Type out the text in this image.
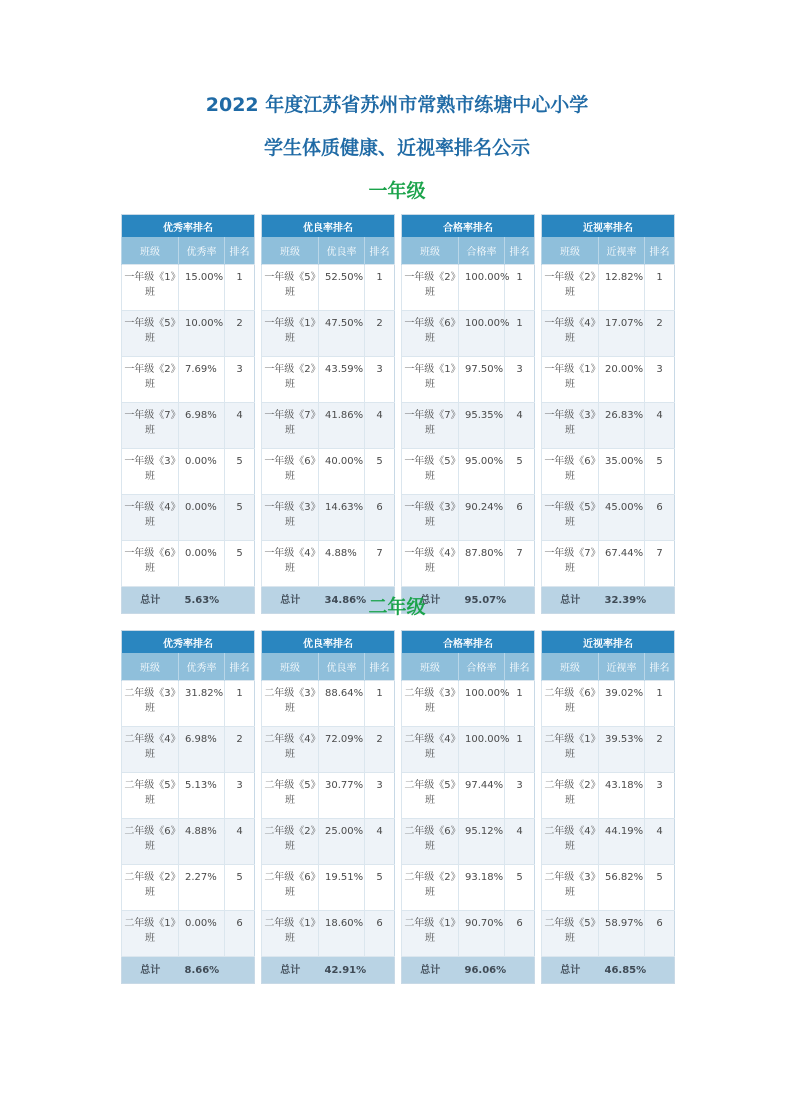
2022 年度江苏省苏州市常熟市练塘中心小学
学生体质健康、近视率排名公示
一年级
优秀率排名		
班级	优秀率	排名
一年级《1》班	15.00%	1
一年级《5》班	10.00%	2
一年级《2》班	7.69%	3
一年级《7》班	6.98%	4
一年级《3》班	0.00%	5
一年级《4》班	0.00%	5
一年级《6》班	0.00%	5
总计	5.63%	
优良率排名		
班级	优良率	排名
一年级《5》班	52.50%	1
一年级《1》班	47.50%	2
一年级《2》班	43.59%	3
一年级《7》班	41.86%	4
一年级《6》班	40.00%	5
一年级《3》班	14.63%	6
一年级《4》班	4.88%	7
总计	34.86%	
合格率排名		
班级	合格率	排名
一年级《2》班	100.00%	1
一年级《6》班	100.00%	1
一年级《1》班	97.50%	3
一年级《7》班	95.35%	4
一年级《5》班	95.00%	5
一年级《3》班	90.24%	6
一年级《4》班	87.80%	7
总计	95.07%	
近视率排名		
班级	近视率	排名
一年级《2》班	12.82%	1
一年级《4》班	17.07%	2
一年级《1》班	20.00%	3
一年级《3》班	26.83%	4
一年级《6》班	35.00%	5
一年级《5》班	45.00%	6
一年级《7》班	67.44%	7
总计	32.39%	
二年级
优秀率排名		
班级	优秀率	排名
二年级《3》班	31.82%	1
二年级《4》班	6.98%	2
二年级《5》班	5.13%	3
二年级《6》班	4.88%	4
二年级《2》班	2.27%	5
二年级《1》班	0.00%	6
总计	8.66%	
优良率排名		
班级	优良率	排名
二年级《3》班	88.64%	1
二年级《4》班	72.09%	2
二年级《5》班	30.77%	3
二年级《2》班	25.00%	4
二年级《6》班	19.51%	5
二年级《1》班	18.60%	6
总计	42.91%	
合格率排名		
班级	合格率	排名
二年级《3》班	100.00%	1
二年级《4》班	100.00%	1
二年级《5》班	97.44%	3
二年级《6》班	95.12%	4
二年级《2》班	93.18%	5
二年级《1》班	90.70%	6
总计	96.06%	
近视率排名		
班级	近视率	排名
二年级《6》班	39.02%	1
二年级《1》班	39.53%	2
二年级《2》班	43.18%	3
二年级《4》班	44.19%	4
二年级《3》班	56.82%	5
二年级《5》班	58.97%	6
总计	46.85%	
